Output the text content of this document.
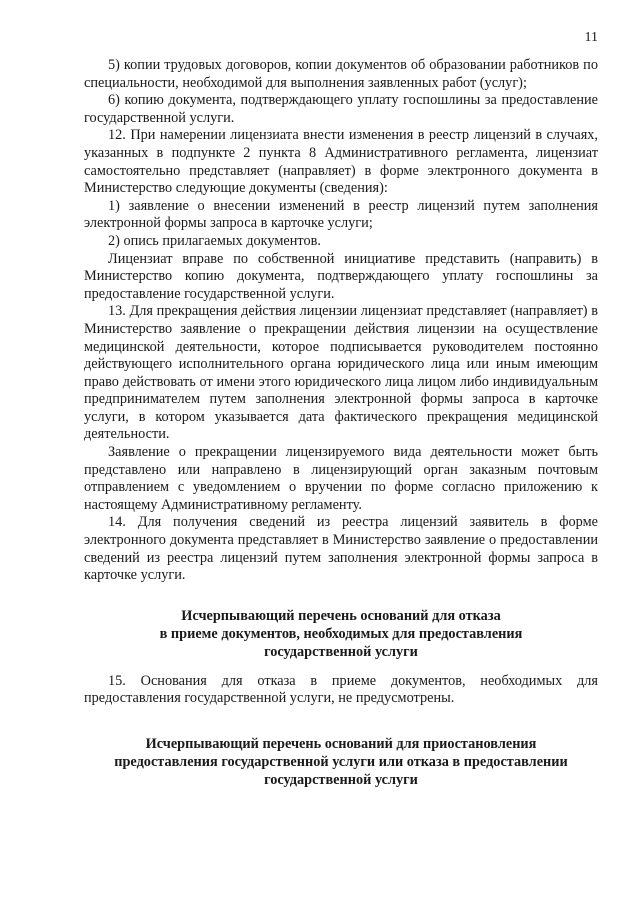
11

5) копии трудовых договоров, копии документов об образовании работников по специальности, необходимой для выполнения заявленных работ (услуг);

6) копию документа, подтверждающего уплату госпошлины за предоставление государственной услуги.

12. При намерении лицензиата внести изменения в реестр лицензий в случаях, указанных в подпункте 2 пункта 8 Административного регламента, лицензиат самостоятельно представляет (направляет) в форме электронного документа в Министерство следующие документы (сведения):

1) заявление о внесении изменений в реестр лицензий путем заполнения электронной формы запроса в карточке услуги;

2) опись прилагаемых документов.

Лицензиат вправе по собственной инициативе представить (направить) в Министерство копию документа, подтверждающего уплату госпошлины за предоставление государственной услуги.

13. Для прекращения действия лицензии лицензиат представляет (направляет) в Министерство заявление о прекращении действия лицензии на осуществление медицинской деятельности, которое подписывается руководителем постоянно действующего исполнительного органа юридического лица или иным имеющим право действовать от имени этого юридического лица лицом либо индивидуальным предпринимателем путем заполнения электронной формы запроса в карточке услуги, в котором указывается дата фактического прекращения медицинской деятельности.

Заявление о прекращении лицензируемого вида деятельности может быть представлено или направлено в лицензирующий орган заказным почтовым отправлением с уведомлением о вручении по форме согласно приложению к настоящему Административному регламенту.

14. Для получения сведений из реестра лицензий заявитель в форме электронного документа представляет в Министерство заявление о предоставлении сведений из реестра лицензий путем заполнения электронной формы запроса в карточке услуги.

Исчерпывающий перечень оснований для отказа
в приеме документов, необходимых для предоставления
государственной услуги

15. Основания для отказа в приеме документов, необходимых для предоставления государственной услуги, не предусмотрены.

Исчерпывающий перечень оснований для приостановления
предоставления государственной услуги или отказа в предоставлении
государственной услуги
